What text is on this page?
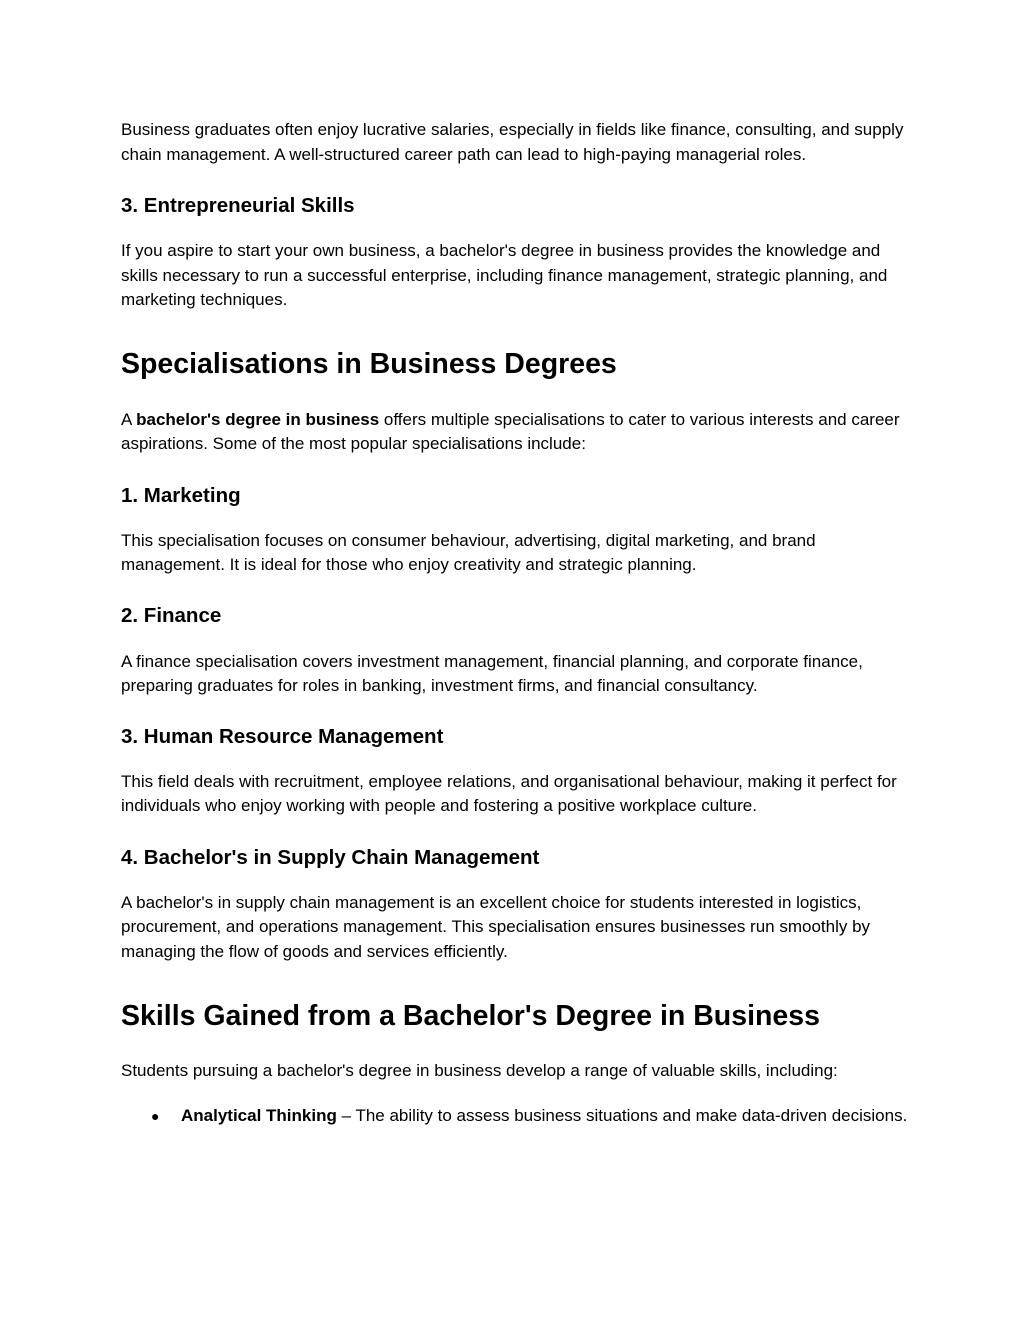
Business graduates often enjoy lucrative salaries, especially in fields like finance, consulting, and supply chain management. A well-structured career path can lead to high-paying managerial roles.

3. Entrepreneurial Skills

If you aspire to start your own business, a bachelor's degree in business provides the knowledge and skills necessary to run a successful enterprise, including finance management, strategic planning, and marketing techniques.

Specialisations in Business Degrees

A bachelor's degree in business offers multiple specialisations to cater to various interests and career aspirations. Some of the most popular specialisations include:

1. Marketing

This specialisation focuses on consumer behaviour, advertising, digital marketing, and brand management. It is ideal for those who enjoy creativity and strategic planning.

2. Finance

A finance specialisation covers investment management, financial planning, and corporate finance, preparing graduates for roles in banking, investment firms, and financial consultancy.

3. Human Resource Management

This field deals with recruitment, employee relations, and organisational behaviour, making it perfect for individuals who enjoy working with people and fostering a positive workplace culture.

4. Bachelor's in Supply Chain Management

A bachelor's in supply chain management is an excellent choice for students interested in logistics, procurement, and operations management. This specialisation ensures businesses run smoothly by managing the flow of goods and services efficiently.

Skills Gained from a Bachelor's Degree in Business

Students pursuing a bachelor's degree in business develop a range of valuable skills, including:

● Analytical Thinking – The ability to assess business situations and make data-driven decisions.
